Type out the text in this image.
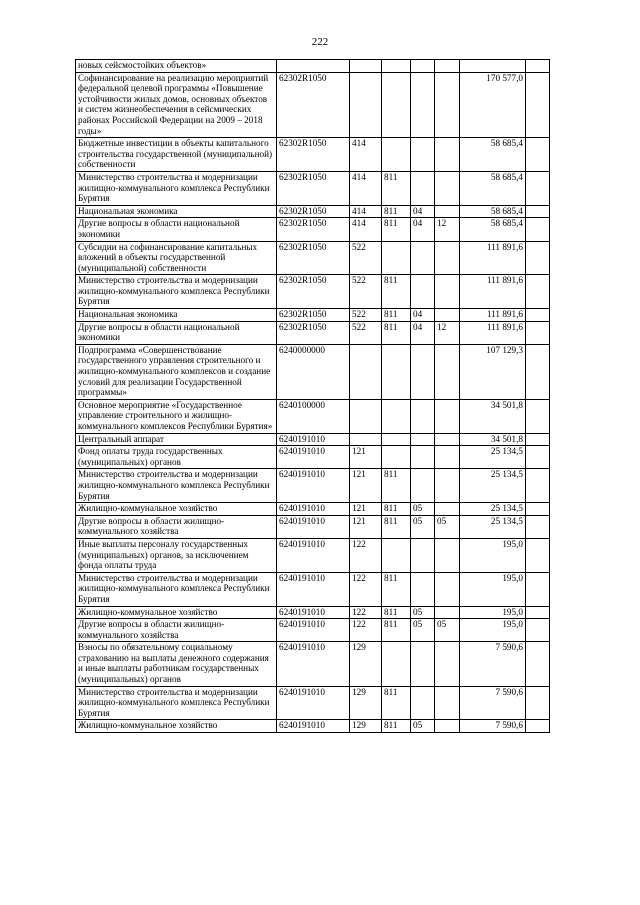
222
новых сейсмостойких объектов»							
Софинансирование на реализацию мероприятий федеральной целевой программы «Повышение устойчивости жилых домов, основных объектов и систем жизнеобеспечения в сейсмических районах Российской Федерации на 2009 – 2018 годы»	62302R1050					170 577,0	
Бюджетные инвестиции в объекты капитального строительства государственной (муниципальной) собственности	62302R1050	414				58 685,4	
Министерство строительства и модернизации жилищно-коммунального комплекса Республики Бурятия	62302R1050	414	811			58 685,4	
Национальная экономика	62302R1050	414	811	04		58 685,4	
Другие вопросы в области национальной экономики	62302R1050	414	811	04	12	58 685,4	
Субсидии на софинансирование капитальных вложений в объекты государственной (муниципальной) собственности	62302R1050	522				111 891,6	
Министерство строительства и модернизации жилищно-коммунального комплекса Республики Бурятия	62302R1050	522	811			111 891,6	
Национальная экономика	62302R1050	522	811	04		111 891,6	
Другие вопросы в области национальной экономики	62302R1050	522	811	04	12	111 891,6	
Подпрограмма «Совершенствование государственного управления строительного и жилищно-коммунального комплексов и создание условий для реализации Государственной программы»	6240000000					107 129,3	
Основное мероприятие «Государственное управление строительного и жилищно-коммунального комплексов Республики Бурятия»	6240100000					34 501,8	
Центральный аппарат	6240191010					34 501,8	
Фонд оплаты труда государственных (муниципальных) органов	6240191010	121				25 134,5	
Министерство строительства и модернизации жилищно-коммунального комплекса Республики Бурятия	6240191010	121	811			25 134,5	
Жилищно-коммунальное хозяйство	6240191010	121	811	05		25 134,5	
Другие вопросы в области жилищно-коммунального хозяйства	6240191010	121	811	05	05	25 134,5	
Иные выплаты персоналу государственных (муниципальных) органов, за исключением фонда оплаты труда	6240191010	122				195,0	
Министерство строительства и модернизации жилищно-коммунального комплекса Республики Бурятия	6240191010	122	811			195,0	
Жилищно-коммунальное хозяйство	6240191010	122	811	05		195,0	
Другие вопросы в области жилищно-коммунального хозяйства	6240191010	122	811	05	05	195,0	
Взносы по обязательному социальному страхованию на выплаты денежного содержания и иные выплаты работникам государственных (муниципальных) органов	6240191010	129				7 590,6	
Министерство строительства и модернизации жилищно-коммунального комплекса Республики Бурятия	6240191010	129	811			7 590,6	
Жилищно-коммунальное хозяйство	6240191010	129	811	05		7 590,6	
